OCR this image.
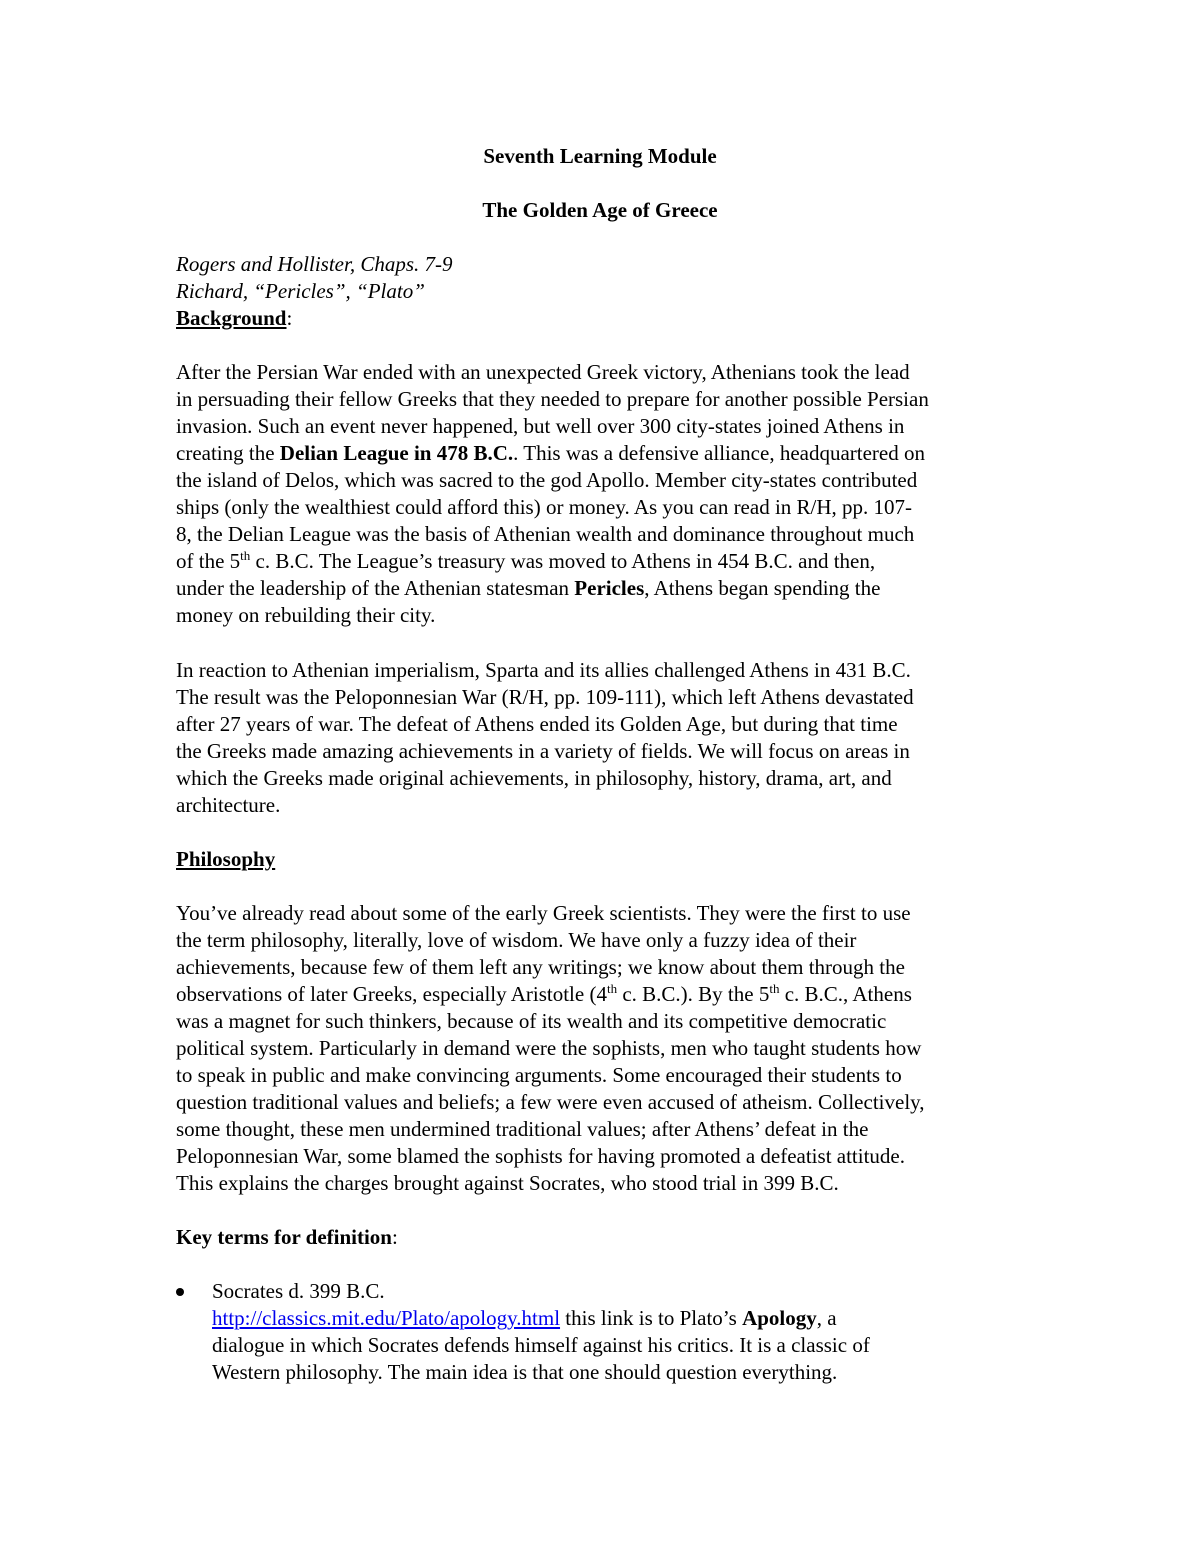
Seventh Learning Module
The Golden Age of Greece
Rogers and Hollister, Chaps. 7-9
Richard, “Pericles”, “Plato”
Background:
After the Persian War ended with an unexpected Greek victory, Athenians took the lead
in persuading their fellow Greeks that they needed to prepare for another possible Persian
invasion. Such an event never happened, but well over 300 city-states joined Athens in
creating the Delian League in 478 B.C.. This was a defensive alliance, headquartered on
the island of Delos, which was sacred to the god Apollo. Member city-states contributed
ships (only the wealthiest could afford this) or money. As you can read in R/H, pp. 107-
8, the Delian League was the basis of Athenian wealth and dominance throughout much
of the 5th c. B.C. The League’s treasury was moved to Athens in 454 B.C. and then,
under the leadership of the Athenian statesman Pericles, Athens began spending the
money on rebuilding their city.
In reaction to Athenian imperialism, Sparta and its allies challenged Athens in 431 B.C.
The result was the Peloponnesian War (R/H, pp. 109-111), which left Athens devastated
after 27 years of war. The defeat of Athens ended its Golden Age, but during that time
the Greeks made amazing achievements in a variety of fields. We will focus on areas in
which the Greeks made original achievements, in philosophy, history, drama, art, and
architecture.
Philosophy
You’ve already read about some of the early Greek scientists. They were the first to use
the term philosophy, literally, love of wisdom. We have only a fuzzy idea of their
achievements, because few of them left any writings; we know about them through the
observations of later Greeks, especially Aristotle (4th c. B.C.). By the 5th c. B.C., Athens
was a magnet for such thinkers, because of its wealth and its competitive democratic
political system. Particularly in demand were the sophists, men who taught students how
to speak in public and make convincing arguments. Some encouraged their students to
question traditional values and beliefs; a few were even accused of atheism. Collectively,
some thought, these men undermined traditional values; after Athens’ defeat in the
Peloponnesian War, some blamed the sophists for having promoted a defeatist attitude.
This explains the charges brought against Socrates, who stood trial in 399 B.C.
Key terms for definition:
Socrates d. 399 B.C.
http://classics.mit.edu/Plato/apology.html this link is to Plato’s Apology, a
dialogue in which Socrates defends himself against his critics. It is a classic of
Western philosophy. The main idea is that one should question everything.
